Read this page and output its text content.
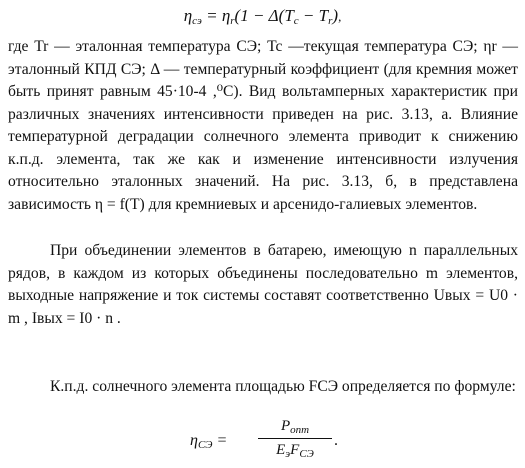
$\eta_{сэ} = \eta_r(1 - \Delta(T_c - T_r)$,

где Tr — эталонная температура СЭ; Tc —текущая температура СЭ; ηr —эталонный КПД СЭ; Δ — температурный коэффициент (для кремния может быть принят равным 45·10-4 ,⁰С). Вид вольтамперных характеристик при различных значениях интенсивности приведен на рис. 3.13, а. Влияние температурной деградации солнечного элемента приводит к снижению к.п.д. элемента, так же как и изменение интенсивности излучения относительно эталонных значений. На рис. 3.13, б, в представлена зависимость η = f(T) для кремниевых и арсенидо-галиевых элементов.

При объединении элементов в батарею, имеющую n параллельных рядов, в каждом из которых объединены последовательно m элементов, выходные напряжение и ток системы составят соответственно Uвых = U0 · m , Iвых = I0 · n .

К.п.д. солнечного элемента площадью FСЭ определяется по формуле:

$\eta_{СЭ}$ =
$P_{опт}$
$E_эF_{СЭ}$
.
